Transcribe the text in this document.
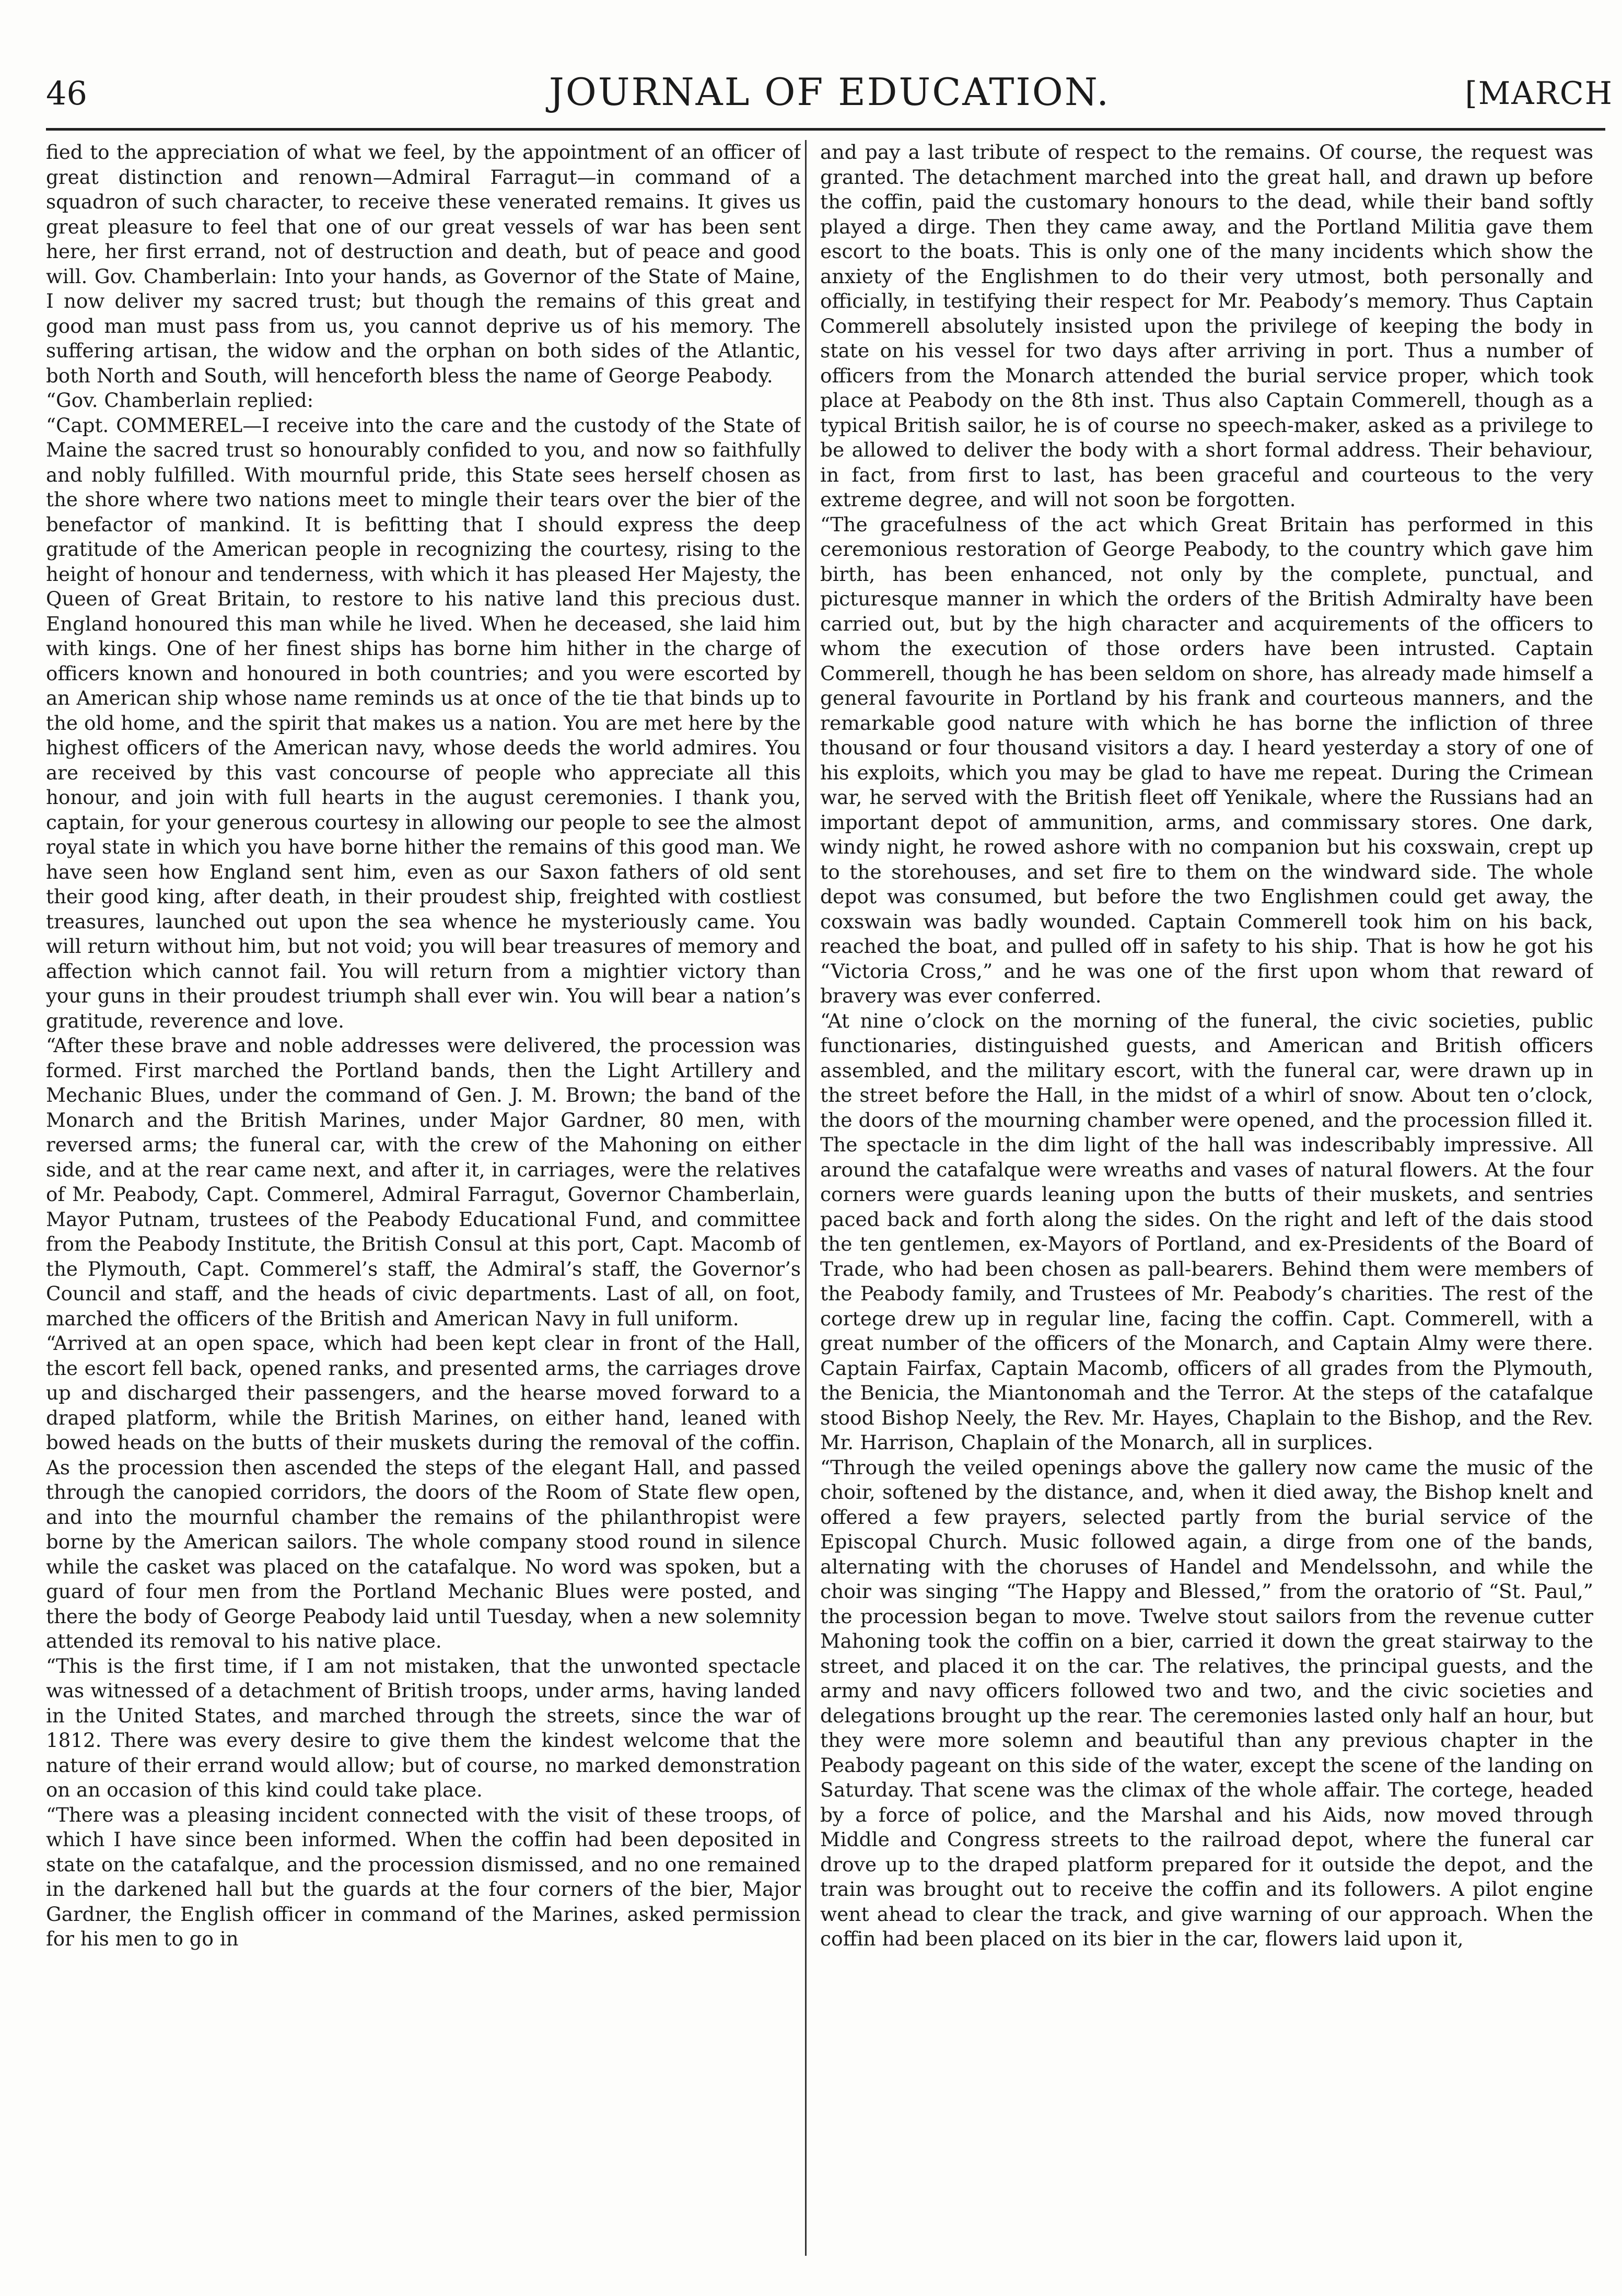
46	JOURNAL OF EDUCATION.	[MARCH

fied to the appreciation of what we feel, by the appointment of an officer of great distinction and renown—Admiral Farragut—in command of a squadron of such character, to receive these venerated remains. It gives us great pleasure to feel that one of our great vessels of war has been sent here, her first errand, not of destruction and death, but of peace and good will. Gov. Chamberlain: Into your hands, as Governor of the State of Maine, I now deliver my sacred trust; but though the remains of this great and good man must pass from us, you cannot deprive us of his memory. The suffering artisan, the widow and the orphan on both sides of the Atlantic, both North and South, will henceforth bless the name of George Peabody.

“Gov. Chamberlain replied:

“Capt. COMMEREL—I receive into the care and the custody of the State of Maine the sacred trust so honourably confided to you, and now so faithfully and nobly fulfilled. With mournful pride, this State sees herself chosen as the shore where two nations meet to mingle their tears over the bier of the benefactor of mankind. It is befitting that I should express the deep gratitude of the American people in recognizing the courtesy, rising to the height of honour and tenderness, with which it has pleased Her Majesty, the Queen of Great Britain, to restore to his native land this precious dust. England honoured this man while he lived. When he deceased, she laid him with kings. One of her finest ships has borne him hither in the charge of officers known and honoured in both countries; and you were escorted by an American ship whose name reminds us at once of the tie that binds up to the old home, and the spirit that makes us a nation. You are met here by the highest officers of the American navy, whose deeds the world admires. You are received by this vast concourse of people who appreciate all this honour, and join with full hearts in the august ceremonies. I thank you, captain, for your generous courtesy in allowing our people to see the almost royal state in which you have borne hither the remains of this good man. We have seen how England sent him, even as our Saxon fathers of old sent their good king, after death, in their proudest ship, freighted with costliest treasures, launched out upon the sea whence he mysteriously came. You will return without him, but not void; you will bear treasures of memory and affection which cannot fail. You will return from a mightier victory than your guns in their proudest triumph shall ever win. You will bear a nation’s gratitude, reverence and love.

“After these brave and noble addresses were delivered, the procession was formed. First marched the Portland bands, then the Light Artillery and Mechanic Blues, under the command of Gen. J. M. Brown; the band of the Monarch and the British Marines, under Major Gardner, 80 men, with reversed arms; the funeral car, with the crew of the Mahoning on either side, and at the rear came next, and after it, in carriages, were the relatives of Mr. Peabody, Capt. Commerel, Admiral Farragut, Governor Chamberlain, Mayor Putnam, trustees of the Peabody Educational Fund, and committee from the Peabody Institute, the British Consul at this port, Capt. Macomb of the Plymouth, Capt. Commerel’s staff, the Admiral’s staff, the Governor’s Council and staff, and the heads of civic departments. Last of all, on foot, marched the officers of the British and American Navy in full uniform.

“Arrived at an open space, which had been kept clear in front of the Hall, the escort fell back, opened ranks, and presented arms, the carriages drove up and discharged their passengers, and the hearse moved forward to a draped platform, while the British Marines, on either hand, leaned with bowed heads on the butts of their muskets during the removal of the coffin. As the procession then ascended the steps of the elegant Hall, and passed through the canopied corridors, the doors of the Room of State flew open, and into the mournful chamber the remains of the philanthropist were borne by the American sailors. The whole company stood round in silence while the casket was placed on the catafalque. No word was spoken, but a guard of four men from the Portland Mechanic Blues were posted, and there the body of George Peabody laid until Tuesday, when a new solemnity attended its removal to his native place.

“This is the first time, if I am not mistaken, that the unwonted spectacle was witnessed of a detachment of British troops, under arms, having landed in the United States, and marched through the streets, since the war of 1812. There was every desire to give them the kindest welcome that the nature of their errand would allow; but of course, no marked demonstration on an occasion of this kind could take place.

“There was a pleasing incident connected with the visit of these troops, of which I have since been informed. When the coffin had been deposited in state on the catafalque, and the procession dismissed, and no one remained in the darkened hall but the guards at the four corners of the bier, Major Gardner, the English officer in command of the Marines, asked permission for his men to go in

and pay a last tribute of respect to the remains. Of course, the request was granted. The detachment marched into the great hall, and drawn up before the coffin, paid the customary honours to the dead, while their band softly played a dirge. Then they came away, and the Portland Militia gave them escort to the boats. This is only one of the many incidents which show the anxiety of the Englishmen to do their very utmost, both personally and officially, in testifying their respect for Mr. Peabody’s memory. Thus Captain Commerell absolutely insisted upon the privilege of keeping the body in state on his vessel for two days after arriving in port. Thus a number of officers from the Monarch attended the burial service proper, which took place at Peabody on the 8th inst. Thus also Captain Commerell, though as a typical British sailor, he is of course no speech-maker, asked as a privilege to be allowed to deliver the body with a short formal address. Their behaviour, in fact, from first to last, has been graceful and courteous to the very extreme degree, and will not soon be forgotten.

“The gracefulness of the act which Great Britain has performed in this ceremonious restoration of George Peabody, to the country which gave him birth, has been enhanced, not only by the complete, punctual, and picturesque manner in which the orders of the British Admiralty have been carried out, but by the high character and acquirements of the officers to whom the execution of those orders have been intrusted. Captain Commerell, though he has been seldom on shore, has already made himself a general favourite in Portland by his frank and courteous manners, and the remarkable good nature with which he has borne the infliction of three thousand or four thousand visitors a day. I heard yesterday a story of one of his exploits, which you may be glad to have me repeat. During the Crimean war, he served with the British fleet off Yenikale, where the Russians had an important depot of ammunition, arms, and commissary stores. One dark, windy night, he rowed ashore with no companion but his coxswain, crept up to the storehouses, and set fire to them on the windward side. The whole depot was consumed, but before the two Englishmen could get away, the coxswain was badly wounded. Captain Commerell took him on his back, reached the boat, and pulled off in safety to his ship. That is how he got his “Victoria Cross,” and he was one of the first upon whom that reward of bravery was ever conferred.

“At nine o’clock on the morning of the funeral, the civic societies, public functionaries, distinguished guests, and American and British officers assembled, and the military escort, with the funeral car, were drawn up in the street before the Hall, in the midst of a whirl of snow. About ten o’clock, the doors of the mourning chamber were opened, and the procession filled it. The spectacle in the dim light of the hall was indescribably impressive. All around the catafalque were wreaths and vases of natural flowers. At the four corners were guards leaning upon the butts of their muskets, and sentries paced back and forth along the sides. On the right and left of the dais stood the ten gentlemen, ex-Mayors of Portland, and ex-Presidents of the Board of Trade, who had been chosen as pall-bearers. Behind them were members of the Peabody family, and Trustees of Mr. Peabody’s charities. The rest of the cortege drew up in regular line, facing the coffin. Capt. Commerell, with a great number of the officers of the Monarch, and Captain Almy were there. Captain Fairfax, Captain Macomb, officers of all grades from the Plymouth, the Benicia, the Miantonomah and the Terror. At the steps of the catafalque stood Bishop Neely, the Rev. Mr. Hayes, Chaplain to the Bishop, and the Rev. Mr. Harrison, Chaplain of the Monarch, all in surplices.

“Through the veiled openings above the gallery now came the music of the choir, softened by the distance, and, when it died away, the Bishop knelt and offered a few prayers, selected partly from the burial service of the Episcopal Church. Music followed again, a dirge from one of the bands, alternating with the choruses of Handel and Mendelssohn, and while the choir was singing “The Happy and Blessed,” from the oratorio of “St. Paul,” the procession began to move. Twelve stout sailors from the revenue cutter Mahoning took the coffin on a bier, carried it down the great stairway to the street, and placed it on the car. The relatives, the principal guests, and the army and navy officers followed two and two, and the civic societies and delegations brought up the rear. The ceremonies lasted only half an hour, but they were more solemn and beautiful than any previous chapter in the Peabody pageant on this side of the water, except the scene of the landing on Saturday. That scene was the climax of the whole affair. The cortege, headed by a force of police, and the Marshal and his Aids, now moved through Middle and Congress streets to the railroad depot, where the funeral car drove up to the draped platform prepared for it outside the depot, and the train was brought out to receive the coffin and its followers. A pilot engine went ahead to clear the track, and give warning of our approach. When the coffin had been placed on its bier in the car, flowers laid upon it,
